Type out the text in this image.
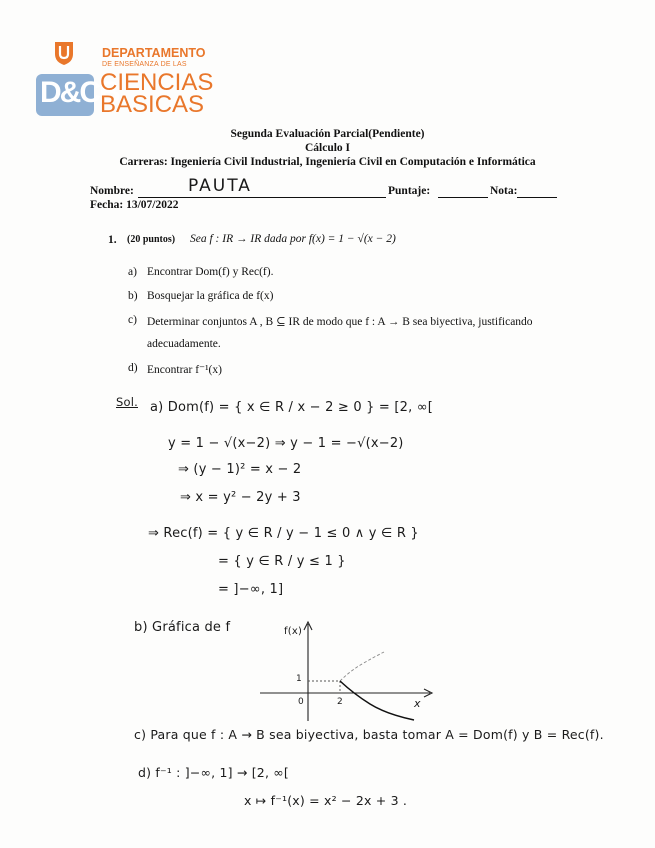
D&CB
DEPARTAMENTO
DE ENSEÑANZA DE LAS
CIENCIAS
BASICAS
Segunda Evaluación Parcial(Pendiente)
Cálculo I
Carreras: Ingeniería Civil Industrial, Ingeniería Civil en Computación e Informática
Nombre:	PAUTA	Puntaje:	Nota:
Fecha: 13/07/2022
1. (20 puntos) Sea f : IR → IR dada por f(x) = 1 − √(x − 2)
a) Encontrar Dom(f) y Rec(f).
b) Bosquejar la gráfica de f(x)
c) Determinar conjuntos A , B ⊆ IR de modo que f : A → B sea biyectiva, justificando
adecuadamente.
d) Encontrar f⁻¹(x)
Sol. a) Dom(f) = { x ∈ R / x − 2 ≥ 0 } = [2, ∞[
y = 1 − √(x−2) ⇒ y − 1 = −√(x−2)
⇒ (y − 1)² = x − 2
⇒ x = y² − 2y + 3
⇒ Rec(f) = { y ∈ R / y − 1 ≤ 0 ∧ y ∈ R }
= { y ∈ R / y ≤ 1 }
= ]−∞, 1]
b) Gráfica de f	f(x)
x
0	2
1
c) Para que f : A → B sea biyectiva, basta tomar A = Dom(f) y B = Rec(f).
d) f⁻¹ : ]−∞, 1] → [2, ∞[
x ↦ f⁻¹(x) = x² − 2x + 3 .
